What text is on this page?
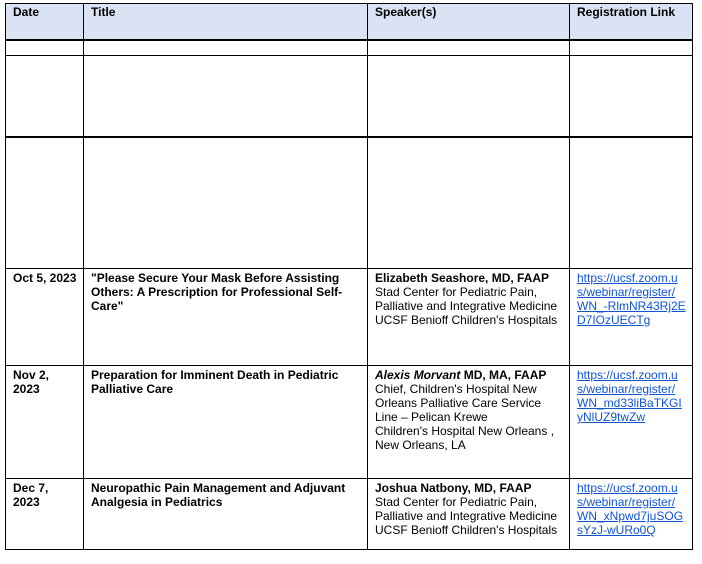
Date	Title	Speaker(s)	Registration Link

Oct 5, 2023	"Please Secure Your Mask Before Assisting Others: A Prescription for Professional Self-Care"	Elizabeth Seashore, MD, FAAP
Stad Center for Pediatric Pain, Palliative and Integrative Medicine
UCSF Benioff Children's Hospitals	https://ucsf.zoom.us/webinar/register/WN_-RlmNR43Rj2ED7IOzUECTg
Nov 2, 2023	Preparation for Imminent Death in Pediatric Palliative Care	Alexis Morvant MD, MA, FAAP
Chief, Children's Hospital New Orleans Palliative Care Service Line – Pelican Krewe
Children's Hospital New Orleans , New Orleans, LA	https://ucsf.zoom.us/webinar/register/WN_md33liBaTKGIyNlUZ9twZw
Dec 7, 2023	Neuropathic Pain Management and Adjuvant Analgesia in Pediatrics	Joshua Natbony, MD, FAAP
Stad Center for Pediatric Pain, Palliative and Integrative Medicine
UCSF Benioff Children's Hospitals	https://ucsf.zoom.us/webinar/register/WN_xNpwd7juSOGsYzJ-wURo0Q
